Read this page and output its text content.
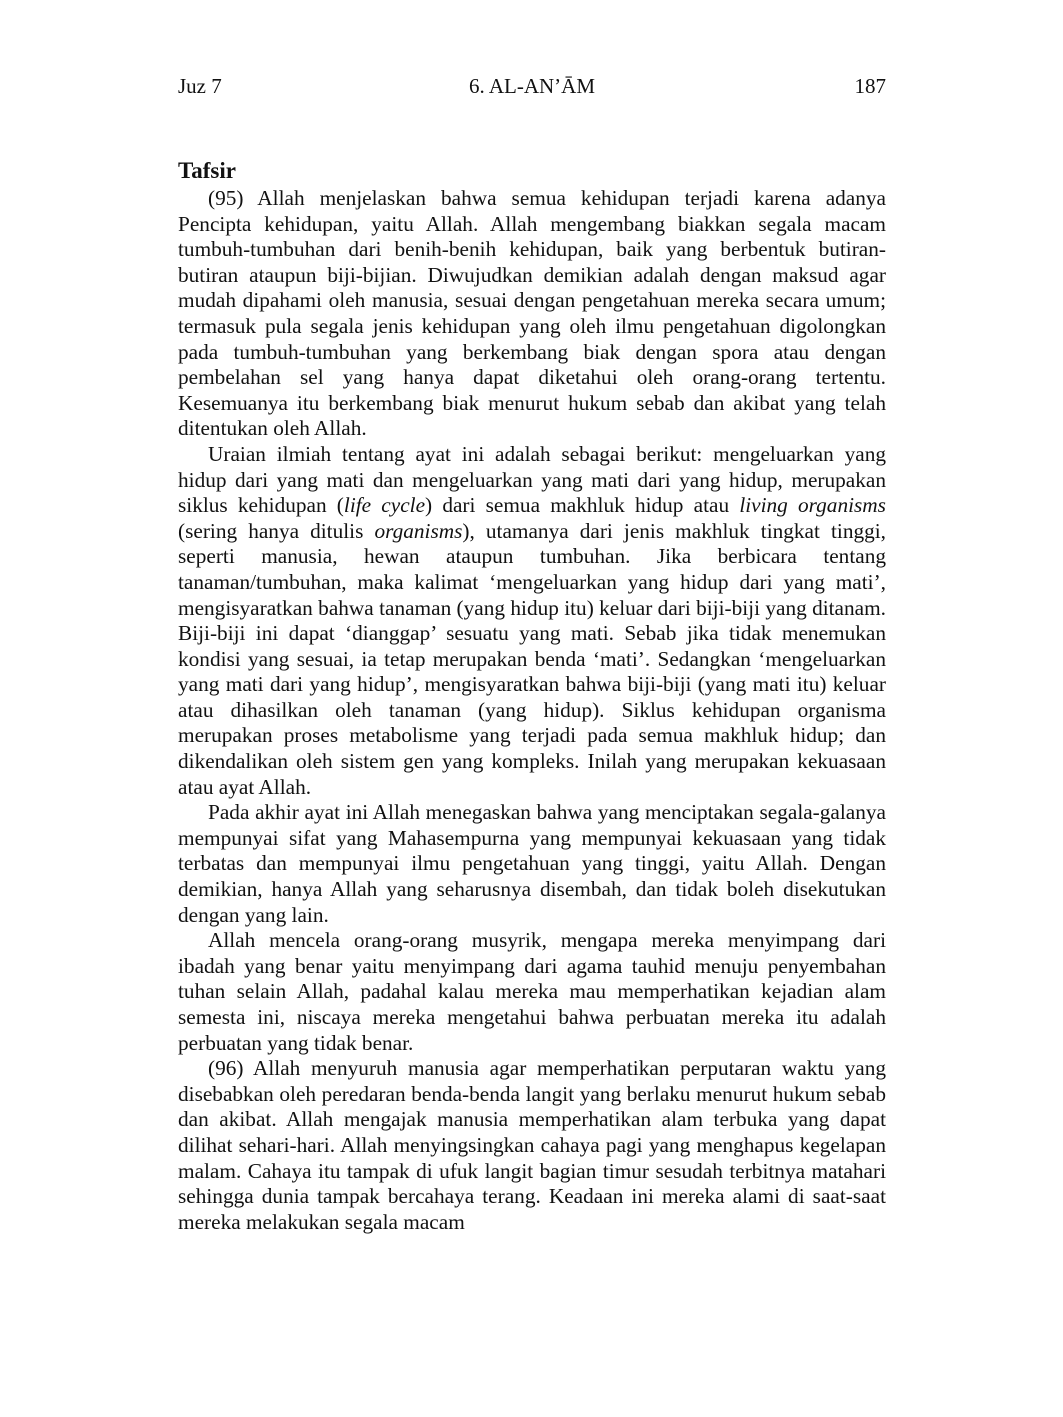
Juz 7	6. AL-AN’ĀM	187
Tafsir

(95) Allah menjelaskan bahwa semua kehidupan terjadi karena adanya Pencipta kehidupan, yaitu Allah. Allah mengembang biakkan segala macam tumbuh-tumbuhan dari benih-benih kehidupan, baik yang berbentuk butiran-butiran ataupun biji-bijian. Diwujudkan demikian adalah dengan maksud agar mudah dipahami oleh manusia, sesuai dengan pengetahuan mereka secara umum; termasuk pula segala jenis kehidupan yang oleh ilmu pengetahuan digolongkan pada tumbuh-tumbuhan yang berkembang biak dengan spora atau dengan pembelahan sel yang hanya dapat diketahui oleh orang-orang tertentu. Kesemuanya itu berkembang biak menurut hukum sebab dan akibat yang telah ditentukan oleh Allah.

Uraian ilmiah tentang ayat ini adalah sebagai berikut: mengeluarkan yang hidup dari yang mati dan mengeluarkan yang mati dari yang hidup, merupakan siklus kehidupan (life cycle) dari semua makhluk hidup atau living organisms (sering hanya ditulis organisms), utamanya dari jenis makhluk tingkat tinggi, seperti manusia, hewan ataupun tumbuhan. Jika berbicara tentang tanaman/tumbuhan, maka kalimat ‘mengeluarkan yang hidup dari yang mati’, mengisyaratkan bahwa tanaman (yang hidup itu) keluar dari biji-biji yang ditanam. Biji-biji ini dapat ‘dianggap’ sesuatu yang mati. Sebab jika tidak menemukan kondisi yang sesuai, ia tetap merupakan benda ‘mati’. Sedangkan ‘mengeluarkan yang mati dari yang hidup’, mengisyaratkan bahwa biji-biji (yang mati itu) keluar atau dihasilkan oleh tanaman (yang hidup). Siklus kehidupan organisma merupakan proses metabolisme yang terjadi pada semua makhluk hidup; dan dikendalikan oleh sistem gen yang kompleks. Inilah yang merupakan kekuasaan atau ayat Allah.

Pada akhir ayat ini Allah menegaskan bahwa yang menciptakan segala-galanya mempunyai sifat yang Mahasempurna yang mempunyai kekuasaan yang tidak terbatas dan mempunyai ilmu pengetahuan yang tinggi, yaitu Allah. Dengan demikian, hanya Allah yang seharusnya disembah, dan tidak boleh disekutukan dengan yang lain.

Allah mencela orang-orang musyrik, mengapa mereka menyimpang dari ibadah yang benar yaitu menyimpang dari agama tauhid menuju penyembahan tuhan selain Allah, padahal kalau mereka mau memperhatikan kejadian alam semesta ini, niscaya mereka mengetahui bahwa perbuatan mereka itu adalah perbuatan yang tidak benar.

(96) Allah menyuruh manusia agar memperhatikan perputaran waktu yang disebabkan oleh peredaran benda-benda langit yang berlaku menurut hukum sebab dan akibat. Allah mengajak manusia memperhatikan alam terbuka yang dapat dilihat sehari-hari. Allah menyingsingkan cahaya pagi yang menghapus kegelapan malam. Cahaya itu tampak di ufuk langit bagian timur sesudah terbitnya matahari sehingga dunia tampak bercahaya terang. Keadaan ini mereka alami di saat-saat mereka melakukan segala macam
